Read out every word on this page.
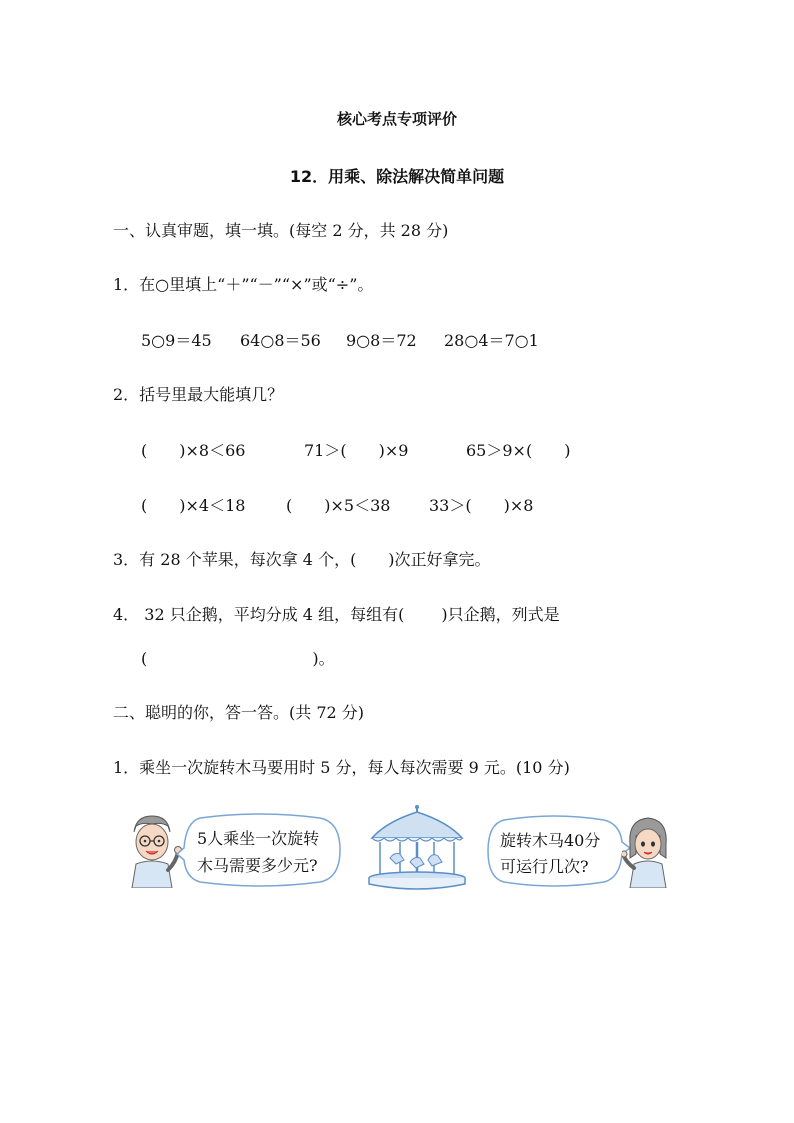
核心考点专项评价
12．用乘、除法解决简单问题
一、认真审题，填一填。(每空 2 分，共 28 分)
1．在○里填上“＋”“－”“×”或“÷”。
5○9＝45 64○8＝56 9○8＝72 28○4＝7○1
2．括号里最大能填几？
(　　)×8＜66	71＞(　　)×9	65＞9×(　　)
(　　)×4＜18	(　　)×5＜38 33＞(　　)×8
3．有 28 个苹果，每次拿 4 个，(　　)次正好拿完。
4． 32 只企鹅，平均分成 4 组，每组有(　　 )只企鹅，列式是
(　　　　　　　　　　 )。
二、聪明的你，答一答。(共 72 分)
1．乘坐一次旋转木马要用时 5 分，每人每次需要 9 元。(10 分)
5人乘坐一次旋转
木马需要多少元?
旋转木马40分
可运行几次?
